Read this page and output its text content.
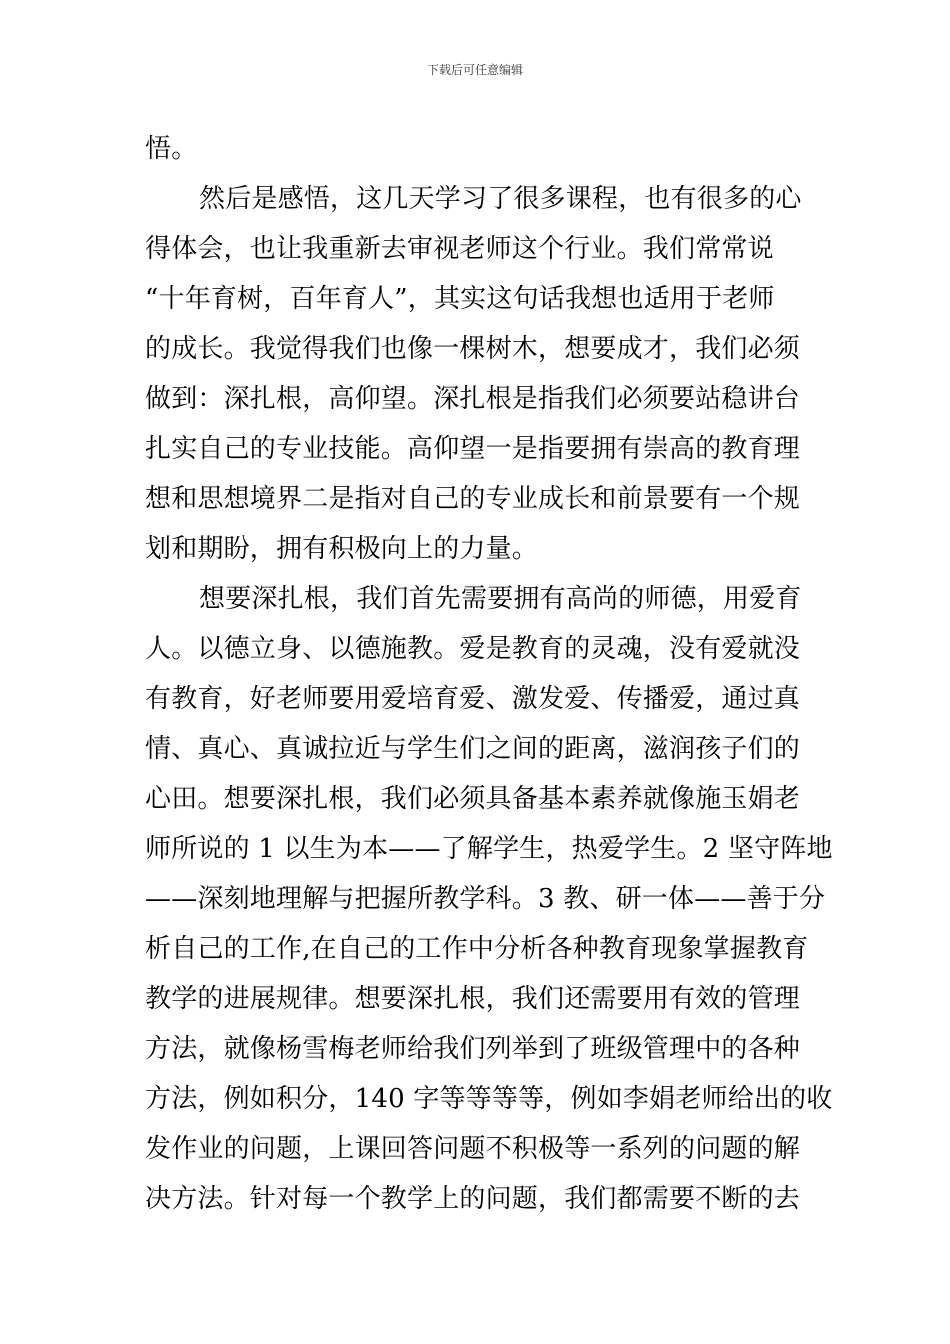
下载后可任意编辑
悟。
然后是感悟，这几天学习了很多课程，也有很多的心
得体会，也让我重新去审视老师这个行业。我们常常说
“十年育树，百年育人”，其实这句话我想也适用于老师
的成长。我觉得我们也像一棵树木，想要成才，我们必须
做到：深扎根，高仰望。深扎根是指我们必须要站稳讲台
扎实自己的专业技能。高仰望一是指要拥有崇高的教育理
想和思想境界二是指对自己的专业成长和前景要有一个规
划和期盼，拥有积极向上的力量。
想要深扎根，我们首先需要拥有高尚的师德，用爱育
人。以德立身、以德施教。爱是教育的灵魂，没有爱就没
有教育，好老师要用爱培育爱、激发爱、传播爱，通过真
情、真心、真诚拉近与学生们之间的距离，滋润孩子们的
心田。想要深扎根，我们必须具备基本素养就像施玉娟老
师所说的 1 以生为本——了解学生，热爱学生。2 坚守阵地
——深刻地理解与把握所教学科。3 教、研一体——善于分
析自己的工作,在自己的工作中分析各种教育现象掌握教育
教学的进展规律。想要深扎根，我们还需要用有效的管理
方法，就像杨雪梅老师给我们列举到了班级管理中的各种
方法，例如积分，140 字等等等等，例如李娟老师给出的收
发作业的问题，上课回答问题不积极等一系列的问题的解
决方法。针对每一个教学上的问题，我们都需要不断的去
